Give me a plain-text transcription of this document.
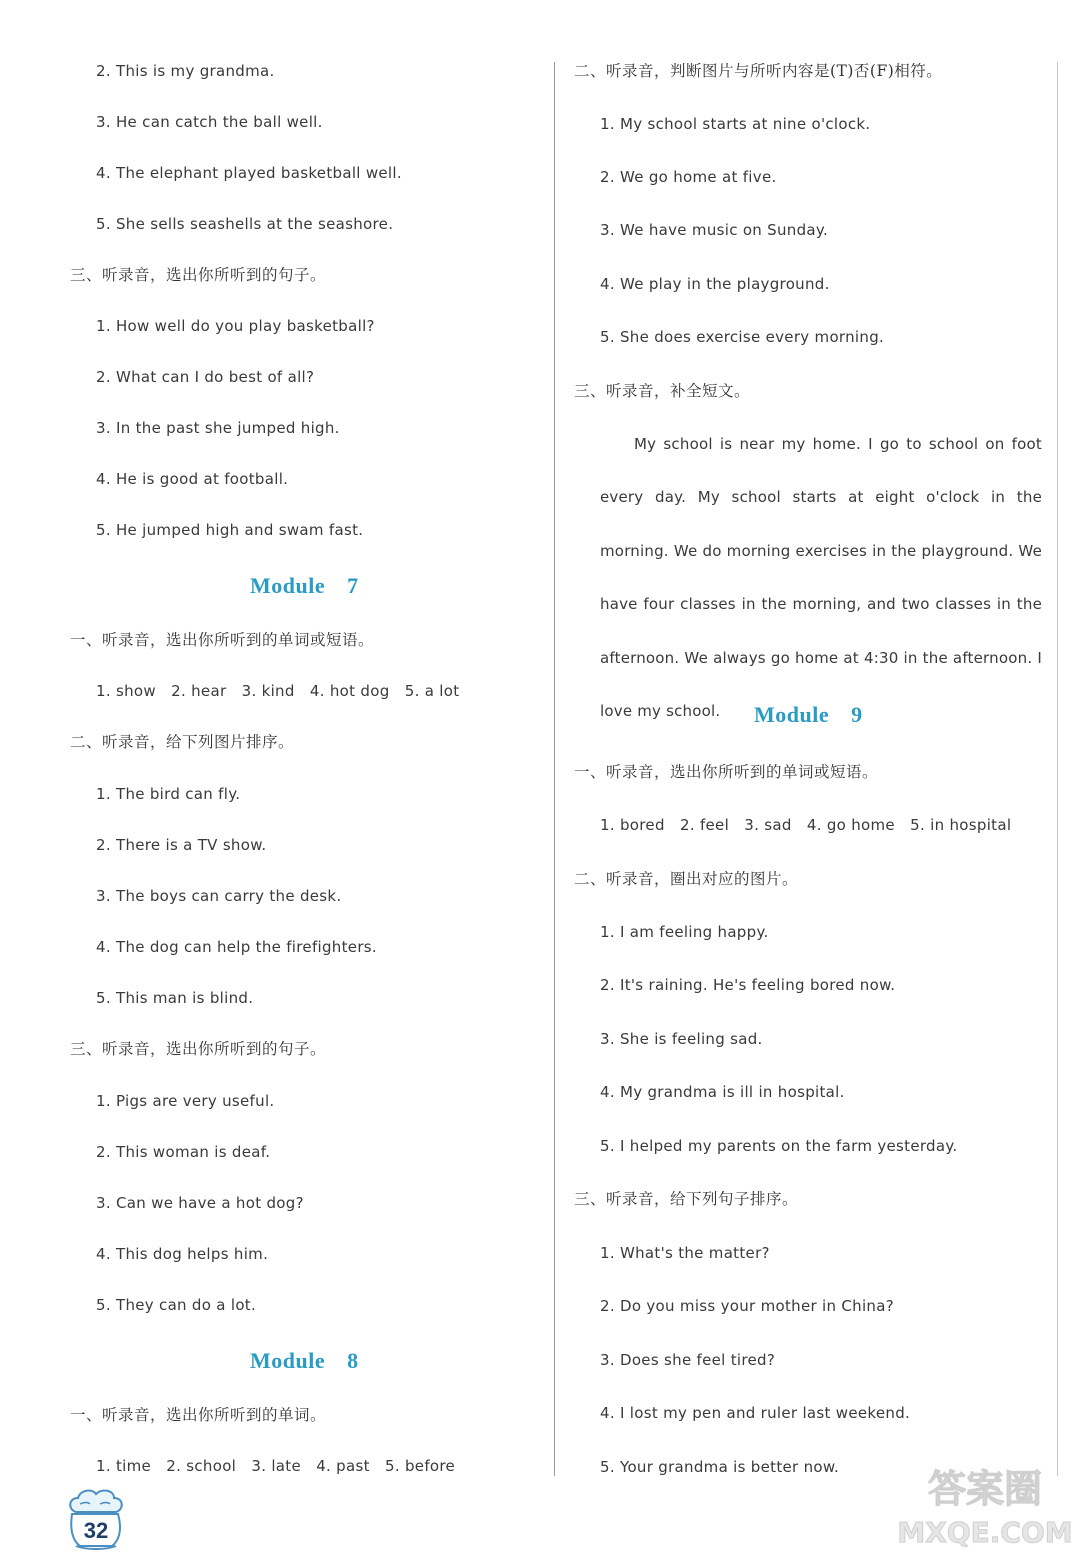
2. This is my grandma.
3. He can catch the ball well.
4. The elephant played basketball well.
5. She sells seashells at the seashore.
三、听录音，选出你所听到的句子。
1. How well do you play basketball?
2. What can I do best of all?
3. In the past she jumped high.
4. He is good at football.
5. He jumped high and swam fast.
Module 7
一、听录音，选出你所听到的单词或短语。
1. show   2. hear   3. kind   4. hot dog   5. a lot
二、听录音，给下列图片排序。
1. The bird can fly.
2. There is a TV show.
3. The boys can carry the desk.
4. The dog can help the firefighters.
5. This man is blind.
三、听录音，选出你所听到的句子。
1. Pigs are very useful.
2. This woman is deaf.
3. Can we have a hot dog?
4. This dog helps him.
5. They can do a lot.
Module 8
一、听录音，选出你所听到的单词。
1. time   2. school   3. late   4. past   5. before
二、听录音，判断图片与所听内容是(T)否(F)相符。
1. My school starts at nine o'clock.
2. We go home at five.
3. We have music on Sunday.
4. We play in the playground.
5. She does exercise every morning.
三、听录音，补全短文。
My school is near my home. I go to school on foot every day. My school starts at eight o'clock in the morning. We do morning exercises in the playground. We have four classes in the morning, and two classes in the afternoon. We always go home at 4:30 in the afternoon. I love my school.	Module 9
一、听录音，选出你所听到的单词或短语。
1. bored   2. feel   3. sad   4. go home   5. in hospital
二、听录音，圈出对应的图片。
1. I am feeling happy.
2. It's raining. He's feeling bored now.
3. She is feeling sad.
4. My grandma is ill in hospital.
5. I helped my parents on the farm yesterday.
三、听录音，给下列句子排序。
1. What's the matter?
2. Do you miss your mother in China?
3. Does she feel tired?
4. I lost my pen and ruler last weekend.
5. Your grandma is better now.
32
答案圈
MXQE.COM
